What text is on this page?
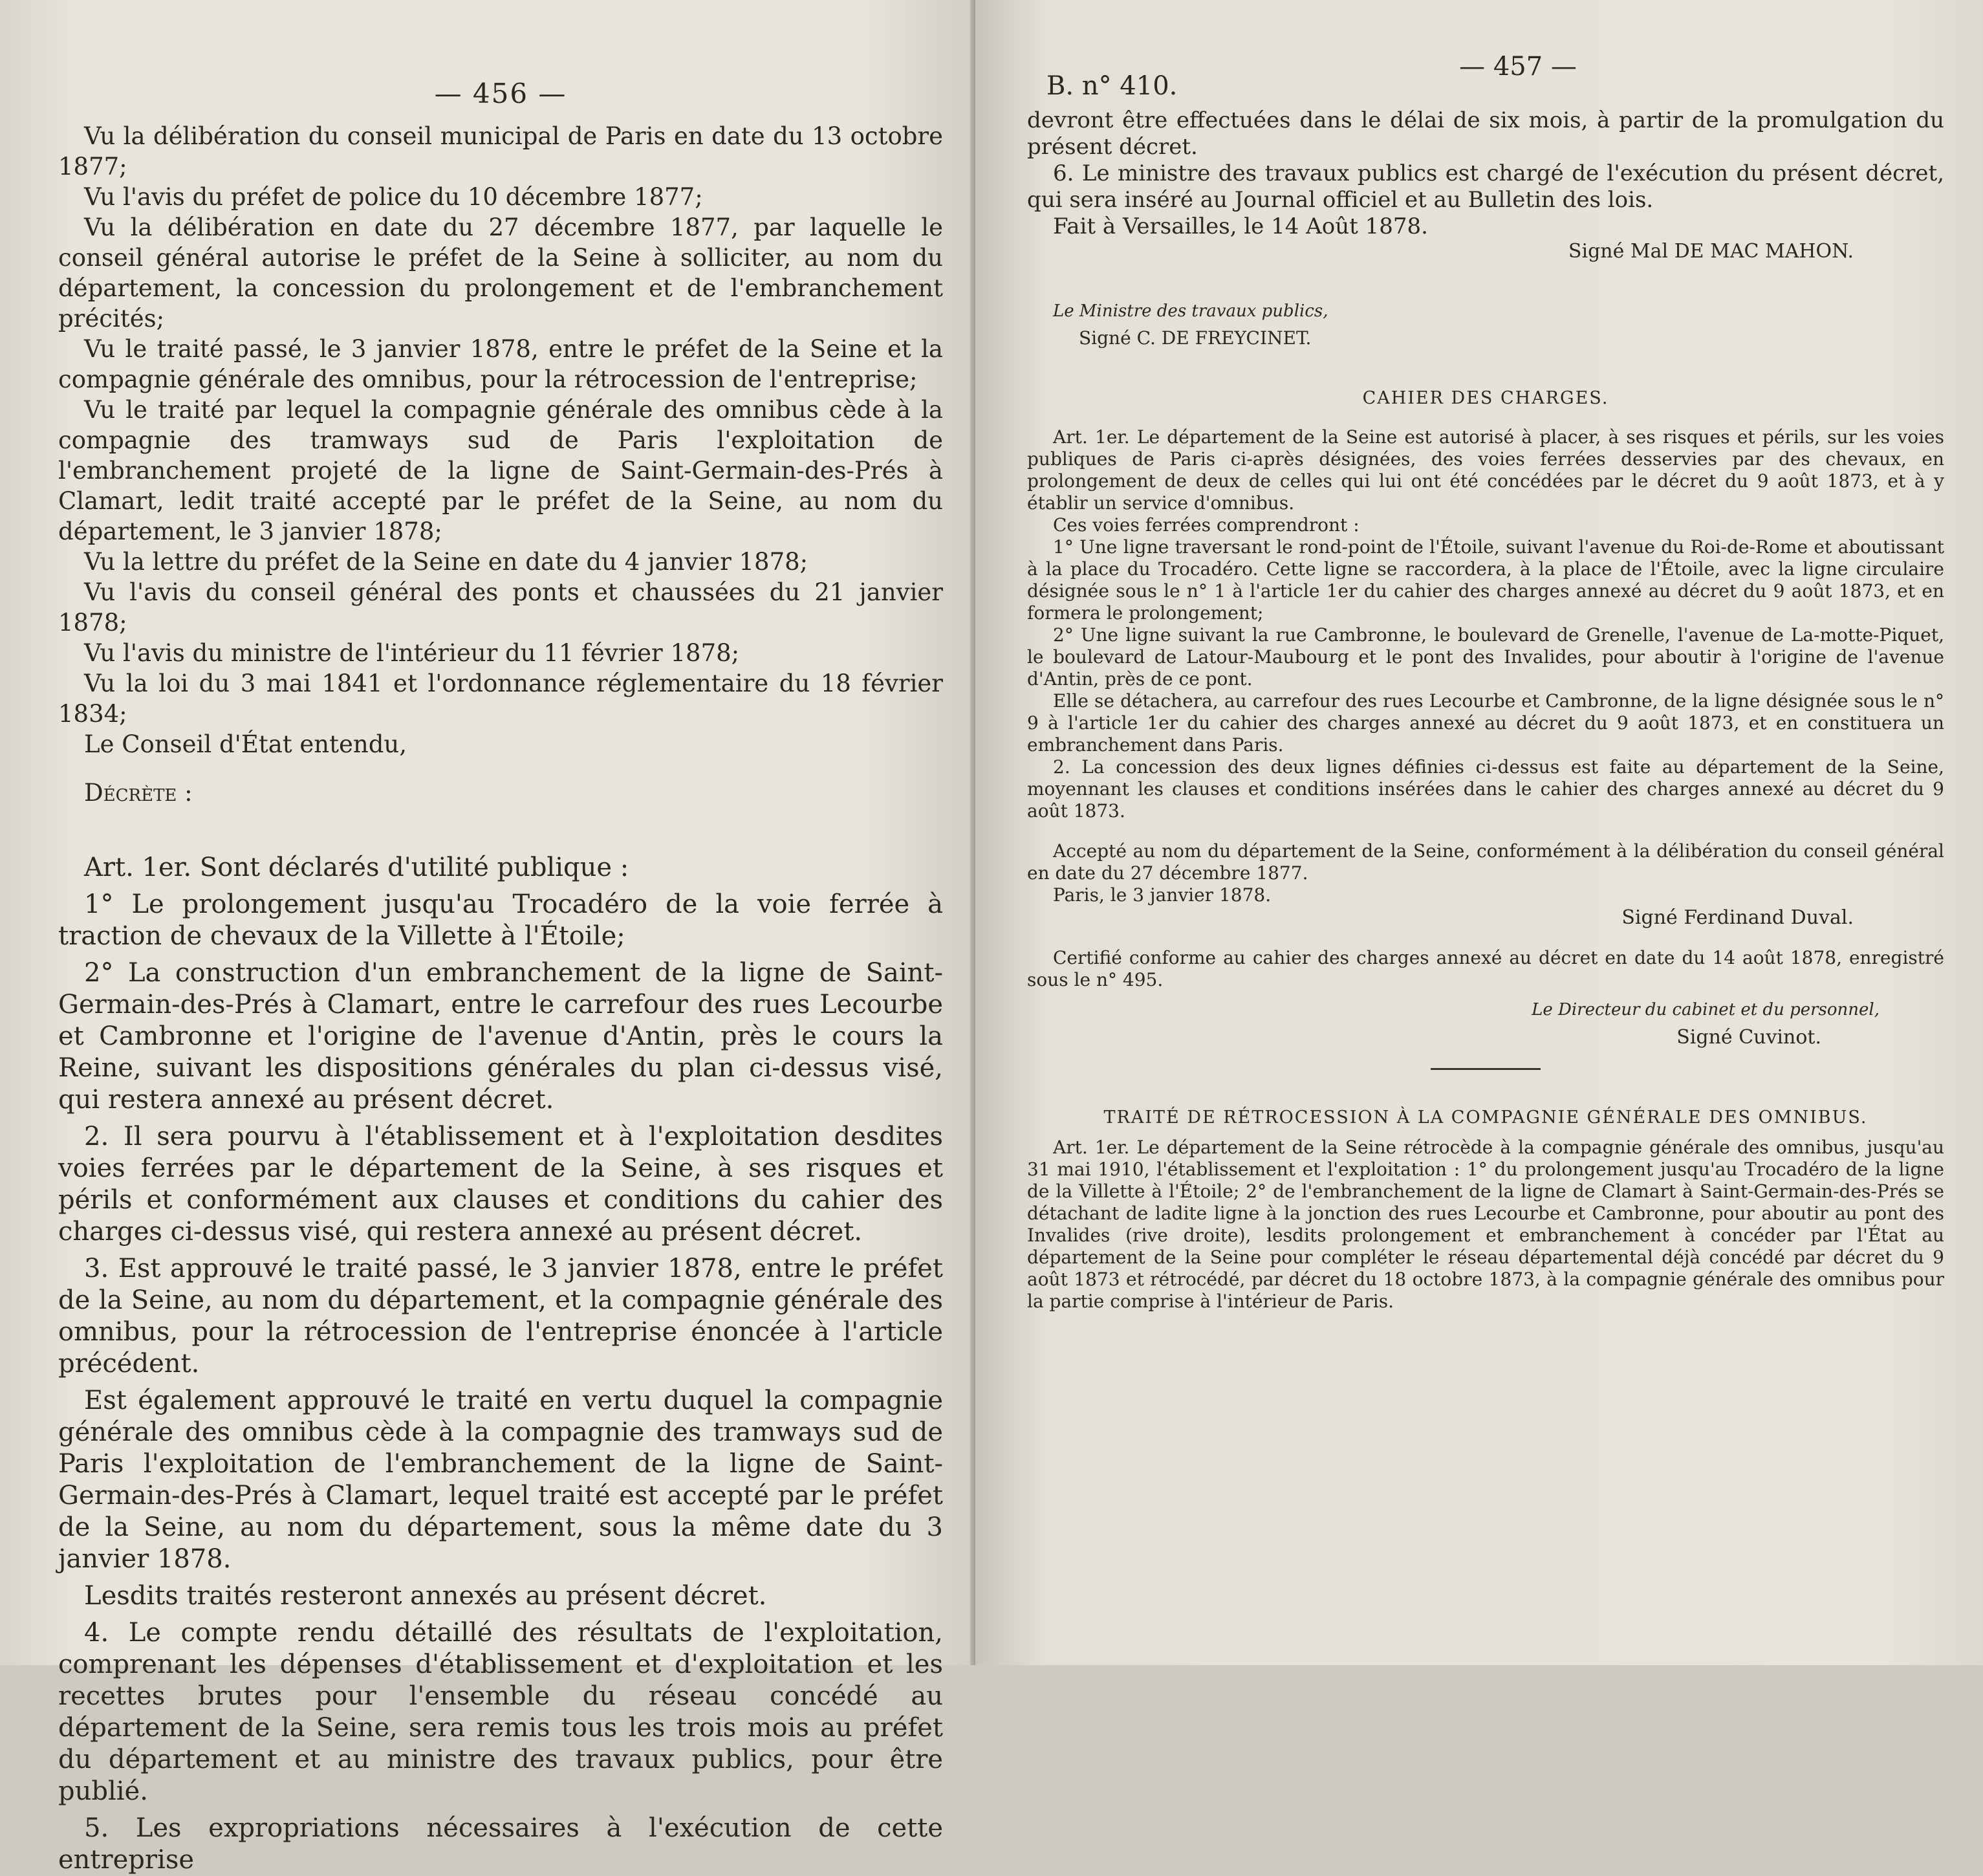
— 456 —

Vu la délibération du conseil municipal de Paris en date du 13 octobre 1877;

Vu l'avis du préfet de police du 10 décembre 1877;

Vu la délibération en date du 27 décembre 1877, par laquelle le conseil général autorise le préfet de la Seine à solliciter, au nom du département, la concession du prolongement et de l'embranchement précités;

Vu le traité passé, le 3 janvier 1878, entre le préfet de la Seine et la compagnie générale des omnibus, pour la rétrocession de l'entreprise;

Vu le traité par lequel la compagnie générale des omnibus cède à la compagnie des tramways sud de Paris l'exploitation de l'embranchement projeté de la ligne de Saint-Germain-des-Prés à Clamart, ledit traité accepté par le préfet de la Seine, au nom du département, le 3 janvier 1878;

Vu la lettre du préfet de la Seine en date du 4 janvier 1878;

Vu l'avis du conseil général des ponts et chaussées du 21 janvier 1878;

Vu l'avis du ministre de l'intérieur du 11 février 1878;

Vu la loi du 3 mai 1841 et l'ordonnance réglementaire du 18 février 1834;

Le Conseil d'État entendu,

Décrète :

Art. 1er. Sont déclarés d'utilité publique :

1° Le prolongement jusqu'au Trocadéro de la voie ferrée à traction de chevaux de la Villette à l'Étoile;

2° La construction d'un embranchement de la ligne de Saint-Germain-des-Prés à Clamart, entre le carrefour des rues Lecourbe et Cambronne et l'origine de l'avenue d'Antin, près le cours la Reine, suivant les dispositions générales du plan ci-dessus visé, qui restera annexé au présent décret.

2. Il sera pourvu à l'établissement et à l'exploitation desdites voies ferrées par le département de la Seine, à ses risques et périls et conformément aux clauses et conditions du cahier des charges ci-dessus visé, qui restera annexé au présent décret.

3. Est approuvé le traité passé, le 3 janvier 1878, entre le préfet de la Seine, au nom du département, et la compagnie générale des omnibus, pour la rétrocession de l'entreprise énoncée à l'article précédent.

Est également approuvé le traité en vertu duquel la compagnie générale des omnibus cède à la compagnie des tramways sud de Paris l'exploitation de l'embranchement de la ligne de Saint-Germain-des-Prés à Clamart, lequel traité est accepté par le préfet de la Seine, au nom du département, sous la même date du 3 janvier 1878.

Lesdits traités resteront annexés au présent décret.

4. Le compte rendu détaillé des résultats de l'exploitation, comprenant les dépenses d'établissement et d'exploitation et les recettes brutes pour l'ensemble du réseau concédé au département de la Seine, sera remis tous les trois mois au préfet du département et au ministre des travaux publics, pour être publié.

5. Les expropriations nécessaires à l'exécution de cette entreprise

B. n° 410.
— 457 —

devront être effectuées dans le délai de six mois, à partir de la promulgation du présent décret.

6. Le ministre des travaux publics est chargé de l'exécution du présent décret, qui sera inséré au Journal officiel et au Bulletin des lois.

Fait à Versailles, le 14 Août 1878.

Signé Mal DE MAC MAHON.
Le Ministre des travaux publics,
Signé C. DE FREYCINET.
CAHIER DES CHARGES.

Art. 1er. Le département de la Seine est autorisé à placer, à ses risques et périls, sur les voies publiques de Paris ci-après désignées, des voies ferrées desservies par des chevaux, en prolongement de deux de celles qui lui ont été concédées par le décret du 9 août 1873, et à y établir un service d'omnibus.

Ces voies ferrées comprendront :

1° Une ligne traversant le rond-point de l'Étoile, suivant l'avenue du Roi-de-Rome et aboutissant à la place du Trocadéro. Cette ligne se raccordera, à la place de l'Étoile, avec la ligne circulaire désignée sous le n° 1 à l'article 1er du cahier des charges annexé au décret du 9 août 1873, et en formera le prolongement;

2° Une ligne suivant la rue Cambronne, le boulevard de Grenelle, l'avenue de La-motte-Piquet, le boulevard de Latour-Maubourg et le pont des Invalides, pour aboutir à l'origine de l'avenue d'Antin, près de ce pont.

Elle se détachera, au carrefour des rues Lecourbe et Cambronne, de la ligne désignée sous le n° 9 à l'article 1er du cahier des charges annexé au décret du 9 août 1873, et en constituera un embranchement dans Paris.

2. La concession des deux lignes définies ci-dessus est faite au département de la Seine, moyennant les clauses et conditions insérées dans le cahier des charges annexé au décret du 9 août 1873.

Accepté au nom du département de la Seine, conformément à la délibération du conseil général en date du 27 décembre 1877.

Paris, le 3 janvier 1878.

Signé Ferdinand Duval.

Certifié conforme au cahier des charges annexé au décret en date du 14 août 1878, enregistré sous le n° 495.

Le Directeur du cabinet et du personnel,
Signé Cuvinot.
TRAITÉ DE RÉTROCESSION À LA COMPAGNIE GÉNÉRALE DES OMNIBUS.

Art. 1er. Le département de la Seine rétrocède à la compagnie générale des omnibus, jusqu'au 31 mai 1910, l'établissement et l'exploitation : 1° du prolongement jusqu'au Trocadéro de la ligne de la Villette à l'Étoile; 2° de l'embranchement de la ligne de Clamart à Saint-Germain-des-Prés se détachant de ladite ligne à la jonction des rues Lecourbe et Cambronne, pour aboutir au pont des Invalides (rive droite), lesdits prolongement et embranchement à concéder par l'État au département de la Seine pour compléter le réseau départemental déjà concédé par décret du 9 août 1873 et rétrocédé, par décret du 18 octobre 1873, à la compagnie générale des omnibus pour la partie comprise à l'intérieur de Paris.
